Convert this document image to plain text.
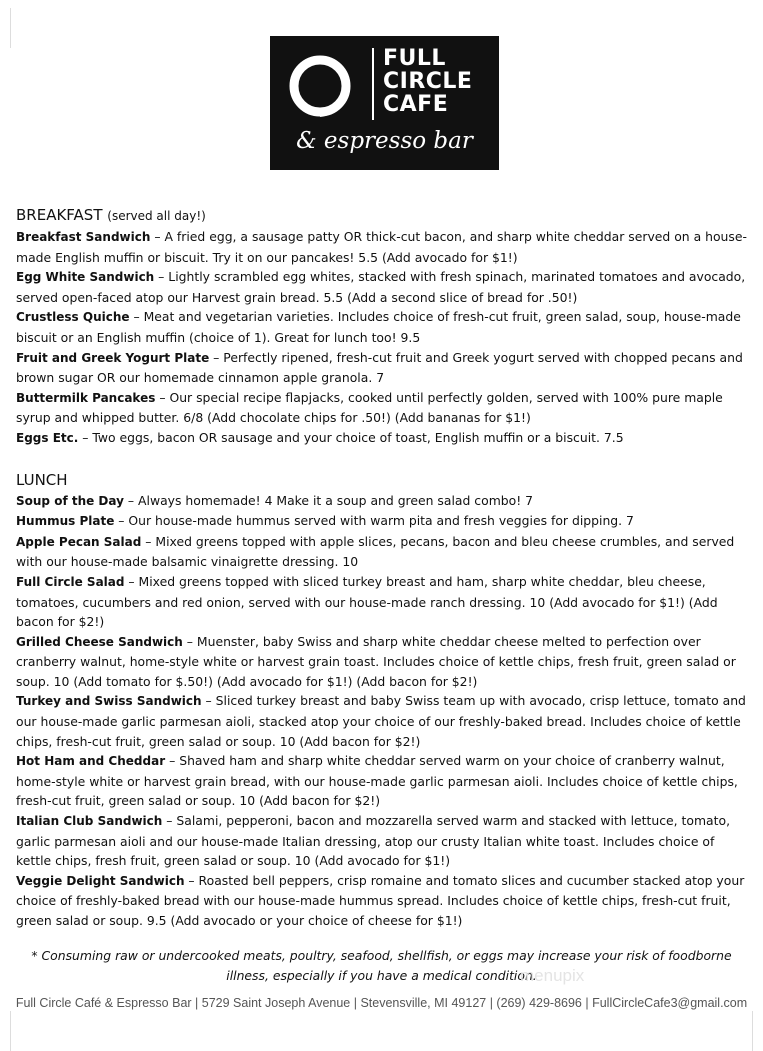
FULL
CIRCLE
CAFE
& espresso bar
BREAKFAST (served all day!)
Breakfast Sandwich – A fried egg, a sausage patty OR thick-cut bacon, and sharp white cheddar served on a house-made English muffin or biscuit. Try it on our pancakes! 5.5 (Add avocado for $1!)
Egg White Sandwich – Lightly scrambled egg whites, stacked with fresh spinach, marinated tomatoes and avocado, served open-faced atop our Harvest grain bread. 5.5 (Add a second slice of bread for .50!)
Crustless Quiche – Meat and vegetarian varieties. Includes choice of fresh-cut fruit, green salad, soup, house-made biscuit or an English muffin (choice of 1). Great for lunch too! 9.5
Fruit and Greek Yogurt Plate – Perfectly ripened, fresh-cut fruit and Greek yogurt served with chopped pecans and brown sugar OR our homemade cinnamon apple granola. 7
Buttermilk Pancakes – Our special recipe flapjacks, cooked until perfectly golden, served with 100% pure maple syrup and whipped butter. 6/8 (Add chocolate chips for .50!) (Add bananas for $1!)
Eggs Etc. – Two eggs, bacon OR sausage and your choice of toast, English muffin or a biscuit. 7.5
LUNCH
Soup of the Day – Always homemade! 4 Make it a soup and green salad combo! 7
Hummus Plate – Our house-made hummus served with warm pita and fresh veggies for dipping. 7
Apple Pecan Salad – Mixed greens topped with apple slices, pecans, bacon and bleu cheese crumbles, and served with our house-made balsamic vinaigrette dressing. 10
Full Circle Salad – Mixed greens topped with sliced turkey breast and ham, sharp white cheddar, bleu cheese, tomatoes, cucumbers and red onion, served with our house-made ranch dressing. 10 (Add avocado for $1!) (Add bacon for $2!)
Grilled Cheese Sandwich – Muenster, baby Swiss and sharp white cheddar cheese melted to perfection over cranberry walnut, home-style white or harvest grain toast. Includes choice of kettle chips, fresh fruit, green salad or soup. 10 (Add tomato for $.50!) (Add avocado for $1!) (Add bacon for $2!)
Turkey and Swiss Sandwich – Sliced turkey breast and baby Swiss team up with avocado, crisp lettuce, tomato and our house-made garlic parmesan aioli, stacked atop your choice of our freshly-baked bread. Includes choice of kettle chips, fresh-cut fruit, green salad or soup. 10 (Add bacon for $2!)
Hot Ham and Cheddar – Shaved ham and sharp white cheddar served warm on your choice of cranberry walnut, home-style white or harvest grain bread, with our house-made garlic parmesan aioli. Includes choice of kettle chips, fresh-cut fruit, green salad or soup. 10 (Add bacon for $2!)
Italian Club Sandwich – Salami, pepperoni, bacon and mozzarella served warm and stacked with lettuce, tomato, garlic parmesan aioli and our house-made Italian dressing, atop our crusty Italian white toast. Includes choice of kettle chips, fresh fruit, green salad or soup. 10 (Add avocado for $1!)
Veggie Delight Sandwich – Roasted bell peppers, crisp romaine and tomato slices and cucumber stacked atop your choice of freshly-baked bread with our house-made hummus spread. Includes choice of kettle chips, fresh-cut fruit, green salad or soup. 9.5 (Add avocado or your choice of cheese for $1!)
* Consuming raw or undercooked meats, poultry, seafood, shellfish, or eggs may increase your risk of foodborne illness, especially if you have a medical condition.
menupix
Full Circle Café & Espresso Bar | 5729 Saint Joseph Avenue | Stevensville, MI 49127 | (269) 429-8696 | FullCircleCafe3@gmail.com
